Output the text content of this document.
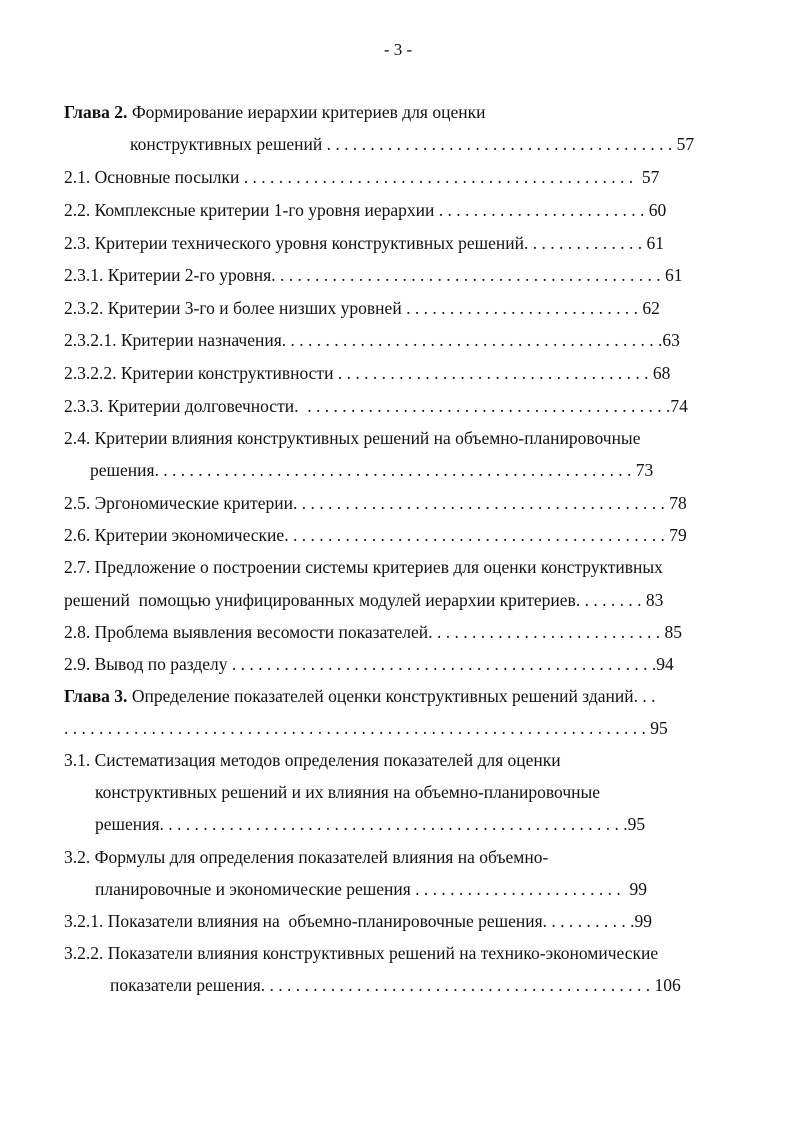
- 3 -
Глава 2. Формирование иерархии критериев для оценки
конструктивных решений . . . . . . . . . . . . . . . . . . . . . . . . . . . . . . . . . . . . . . . . 57
2.1. Основные посылки . . . . . . . . . . . . . . . . . . . . . . . . . . . . . . . . . . . . . . . . . . . . .  57
2.2. Комплексные критерии 1-го уровня иерархии . . . . . . . . . . . . . . . . . . . . . . . . 60
2.3. Критерии технического уровня конструктивных решений. . . . . . . . . . . . . . 61
2.3.1. Критерии 2-го уровня. . . . . . . . . . . . . . . . . . . . . . . . . . . . . . . . . . . . . . . . . . . . . 61
2.3.2. Критерии 3-го и более низших уровней . . . . . . . . . . . . . . . . . . . . . . . . . . . 62
2.3.2.1. Критерии назначения. . . . . . . . . . . . . . . . . . . . . . . . . . . . . . . . . . . . . . . . . . . .63
2.3.2.2. Критерии конструктивности . . . . . . . . . . . . . . . . . . . . . . . . . . . . . . . . . . . . 68
2.3.3. Критерии долговечности.  . . . . . . . . . . . . . . . . . . . . . . . . . . . . . . . . . . . . . . . . . .74
2.4. Критерии влияния конструктивных решений на объемно-планировочные
решения. . . . . . . . . . . . . . . . . . . . . . . . . . . . . . . . . . . . . . . . . . . . . . . . . . . . . . . 73
2.5. Эргономические критерии. . . . . . . . . . . . . . . . . . . . . . . . . . . . . . . . . . . . . . . . . . . 78
2.6. Критерии экономические. . . . . . . . . . . . . . . . . . . . . . . . . . . . . . . . . . . . . . . . . . . . 79
2.7. Предложение о построении системы критериев для оценки конструктивных
решений  помощью унифицированных модулей иерархии критериев. . . . . . . . 83
2.8. Проблема выявления весомости показателей. . . . . . . . . . . . . . . . . . . . . . . . . . . 85
2.9. Вывод по разделу . . . . . . . . . . . . . . . . . . . . . . . . . . . . . . . . . . . . . . . . . . . . . . . . .94
Глава 3. Определение показателей оценки конструктивных решений зданий. . .
. . . . . . . . . . . . . . . . . . . . . . . . . . . . . . . . . . . . . . . . . . . . . . . . . . . . . . . . . . . . . . . . . . . 95
3.1. Систематизация методов определения показателей для оценки
конструктивных решений и их влияния на объемно-планировочные
решения. . . . . . . . . . . . . . . . . . . . . . . . . . . . . . . . . . . . . . . . . . . . . . . . . . . . . .95
3.2. Формулы для определения показателей влияния на объемно-
планировочные и экономические решения . . . . . . . . . . . . . . . . . . . . . . . .  99
3.2.1. Показатели влияния на  объемно-планировочные решения. . . . . . . . . . .99
3.2.2. Показатели влияния конструктивных решений на технико-экономические
показатели решения. . . . . . . . . . . . . . . . . . . . . . . . . . . . . . . . . . . . . . . . . . . . . 106
